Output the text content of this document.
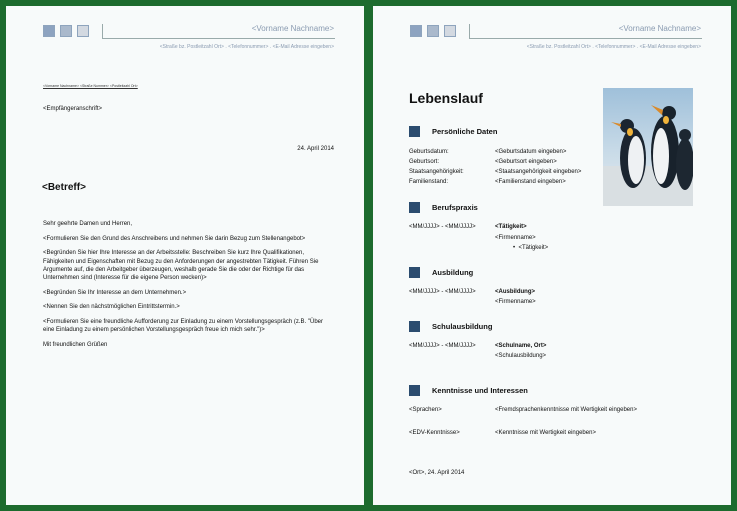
<Vorname Nachname>
<Straße bz. Postleitzahl Ort> . <Telefonnummer> . <E-Mail Adresse eingeben>
<Vorname Nachname> <Straße Nummer> <Postleitzahl Ort>
<Empfängeranschrift>
24. April 2014
<Betreff>

Sehr geehrte Damen und Herren,

<Formulieren Sie den Grund des Anschreibens und nehmen Sie darin Bezug zum Stellenangebot>

<Begründen Sie hier Ihre Interesse an der Arbeitsstelle: Beschreiben Sie kurz Ihre Qualifikationen, Fähigkeiten und Eigenschaften mit Bezug zu den Anforderungen der angestrebten Tätigkeit. Führen Sie Argumente auf, die den Arbeitgeber überzeugen, weshalb gerade Sie die oder der Richtige für das Unternehmen sind (Interesse für die eigene Person wecken)>

<Begründen Sie Ihr Interesse an dem Unternehmen.>

<Nennen Sie den nächstmöglichen Eintrittstermin.>

<Formulieren Sie eine freundliche Aufforderung zur Einladung zu einem Vorstellungsgespräch (z.B. "Über eine Einladung zu einem persönlichen Vorstellungsgespräch freue ich mich sehr.")>

Mit freundlichen Grüßen

<Vorname Nachname>
<Straße bz. Postleitzahl Ort> . <Telefonnummer> . <E-Mail Adresse eingeben>
Lebenslauf
Persönliche Daten
Geburtsdatum:	<Geburtsdatum eingeben>
Geburtsort:	<Geburtsort eingeben>
Staatsangehörigkeit:	<Staatsangehörigkeit eingeben>
Familienstand:	<Familienstand eingeben>
Berufspraxis
<MM/JJJJ> - <MM/JJJJ>	<Tätigkeit>
<Firmenname>
•  <Tätigkeit>
Ausbildung
<MM/JJJJ> - <MM/JJJJ>	<Ausbildung>
<Firmenname>
Schulausbildung
<MM/JJJJ> - <MM/JJJJ>	<Schulname, Ort>
<Schulausbildung>
Kenntnisse und Interessen
<Sprachen>	<Fremdsprachenkenntnisse mit Wertigkeit eingeben>
<EDV-Kenntnisse>	<Kenntnisse mit Wertigkeit eingeben>
<Ort>, 24. April 2014
